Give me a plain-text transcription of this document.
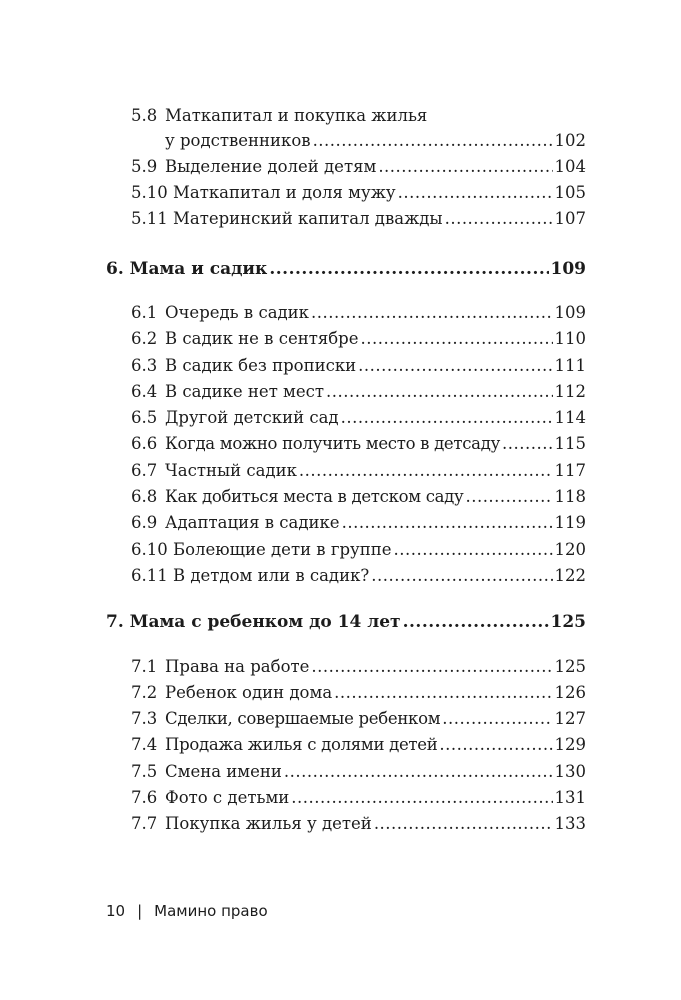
5.8 Маткапитал и покупка жилья
у родственников .....	102
5.9 Выделение долей детям .....	104
5.10 Маткапитал и доля мужу .....	105
5.11 Материнский капитал дважды .....	107
6. Мама и садик .....	109
6.1 Очередь в садик .....	109
6.2 В садик не в сентябре .....	110
6.3 В садик без прописки .....	111
6.4 В садике нет мест .....	112
6.5 Другой детский сад .....	114
6.6 Когда можно получить место в детсаду .....	115
6.7 Частный садик .....	117
6.8 Как добиться места в детском саду .....	118
6.9 Адаптация в садике .....	119
6.10 Болеющие дети в группе .....	120
6.11 В детдом или в садик? .....	122
7. Мама с ребенком до 14 лет .....	125
7.1 Права на работе .....	125
7.2 Ребенок один дома .....	126
7.3 Сделки, совершаемые ребенком .....	127
7.4 Продажа жилья с долями детей .....	129
7.5 Смена имени .....	130
7.6 Фото с детьми .....	131
7.7 Покупка жилья у детей .....	133
10 | Мамино право
